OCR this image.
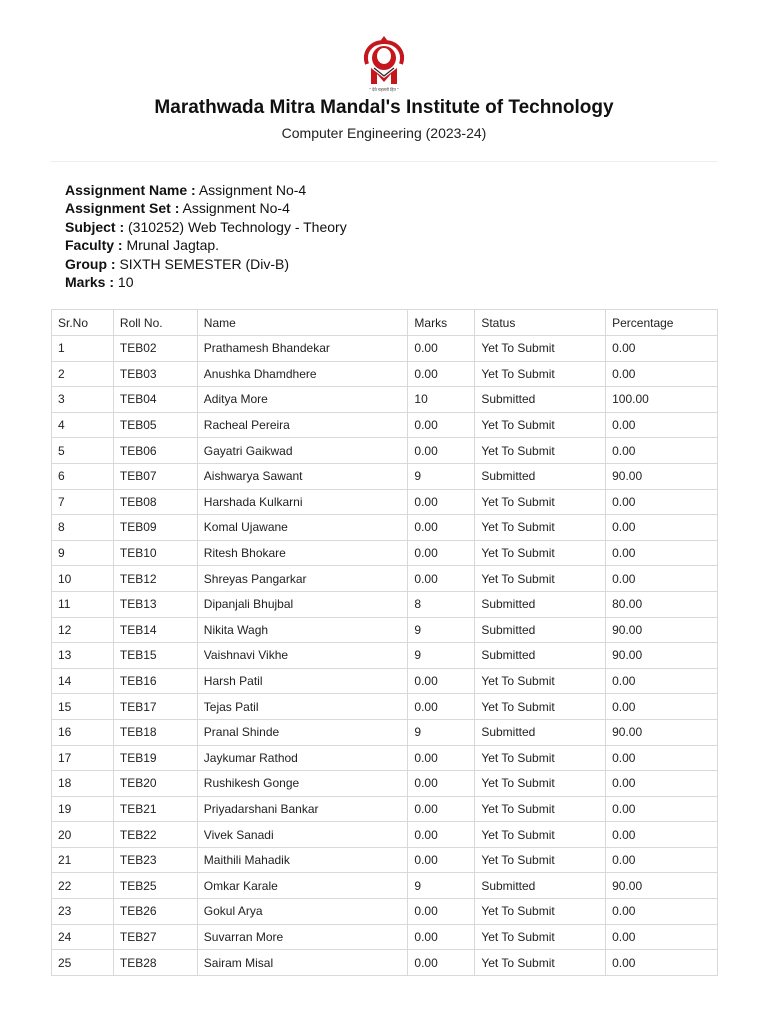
" देवे चहलतो हित "
Marathwada Mitra Mandal's Institute of Technology
Computer Engineering (2023-24)
Assignment Name : Assignment No-4
Assignment Set : Assignment No-4
Subject : (310252) Web Technology - Theory
Faculty : Mrunal Jagtap.
Group : SIXTH SEMESTER (Div-B)
Marks : 10
Sr.No	Roll No.	Name	Marks	Status	Percentage
1	TEB02	Prathamesh Bhandekar	0.00	Yet To Submit	0.00
2	TEB03	Anushka Dhamdhere	0.00	Yet To Submit	0.00
3	TEB04	Aditya More	10	Submitted	100.00
4	TEB05	Racheal Pereira	0.00	Yet To Submit	0.00
5	TEB06	Gayatri Gaikwad	0.00	Yet To Submit	0.00
6	TEB07	Aishwarya Sawant	9	Submitted	90.00
7	TEB08	Harshada Kulkarni	0.00	Yet To Submit	0.00
8	TEB09	Komal Ujawane	0.00	Yet To Submit	0.00
9	TEB10	Ritesh Bhokare	0.00	Yet To Submit	0.00
10	TEB12	Shreyas Pangarkar	0.00	Yet To Submit	0.00
11	TEB13	Dipanjali Bhujbal	8	Submitted	80.00
12	TEB14	Nikita Wagh	9	Submitted	90.00
13	TEB15	Vaishnavi Vikhe	9	Submitted	90.00
14	TEB16	Harsh Patil	0.00	Yet To Submit	0.00
15	TEB17	Tejas Patil	0.00	Yet To Submit	0.00
16	TEB18	Pranal Shinde	9	Submitted	90.00
17	TEB19	Jaykumar Rathod	0.00	Yet To Submit	0.00
18	TEB20	Rushikesh Gonge	0.00	Yet To Submit	0.00
19	TEB21	Priyadarshani Bankar	0.00	Yet To Submit	0.00
20	TEB22	Vivek Sanadi	0.00	Yet To Submit	0.00
21	TEB23	Maithili Mahadik	0.00	Yet To Submit	0.00
22	TEB25	Omkar Karale	9	Submitted	90.00
23	TEB26	Gokul Arya	0.00	Yet To Submit	0.00
24	TEB27	Suvarran More	0.00	Yet To Submit	0.00
25	TEB28	Sairam Misal	0.00	Yet To Submit	0.00
